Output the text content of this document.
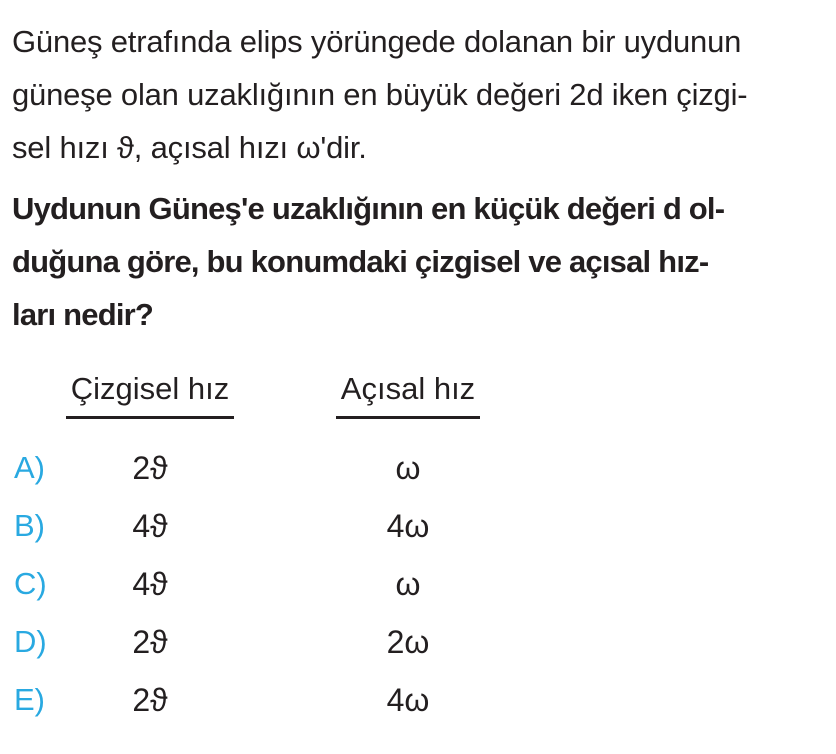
Güneş etrafında elips yörüngede dolanan bir uydunun
güneşe olan uzaklığının en büyük değeri 2d iken çizgi-
sel hızı ϑ, açısal hızı ω'dir.
Uydunun Güneş'e uzaklığının en küçük değeri d ol-
duğuna göre, bu konumdaki çizgisel ve açısal hız-
ları nedir?
Çizgisel hız	Açısal hız
A)	2ϑ	ω
B)	4ϑ	4ω
C)	4ϑ	ω
D)	2ϑ	2ω
E)	2ϑ	4ω
